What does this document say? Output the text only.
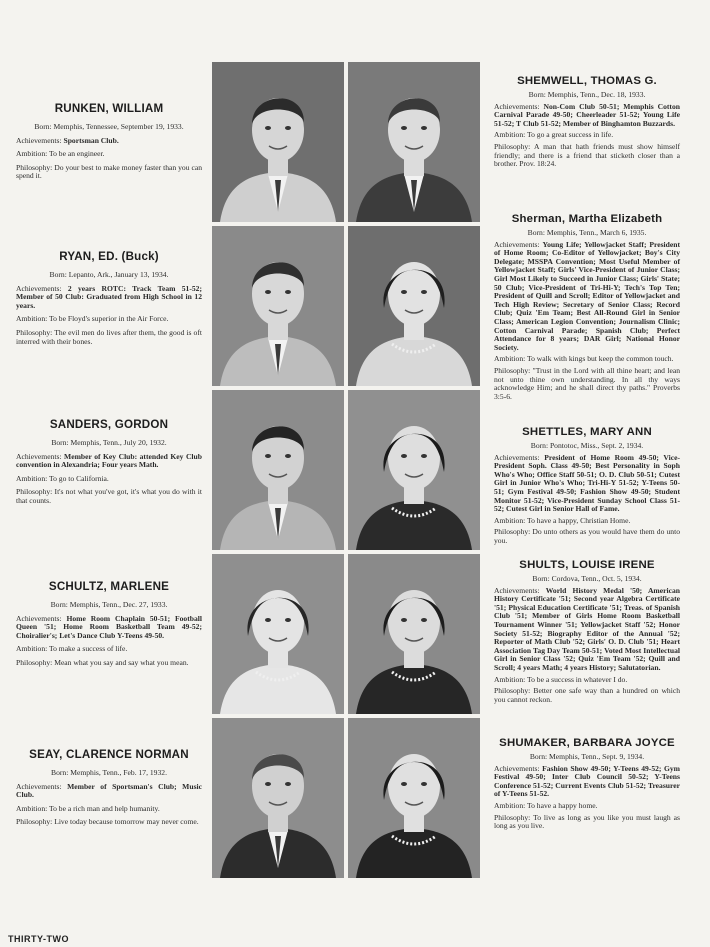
RUNKEN, WILLIAM

Born: Memphis, Tennessee, September 19, 1933.

Achievements: Sportsman Club.

Ambition: To be an engineer.

Philosophy: Do your best to make money faster than you can spend it.

RYAN, ED. (Buck)

Born: Lepanto, Ark., January 13, 1934.

Achievements: 2 years ROTC: Track Team 51-52; Member of 50 Club: Graduated from High School in 12 years.

Ambition: To be Floyd's superior in the Air Force.

Philosophy: The evil men do lives after them, the good is oft interred with their bones.

SANDERS, GORDON

Born: Memphis, Tenn., July 20, 1932.

Achievements: Member of Key Club: attended Key Club convention in Alexandria; Four years Math.

Ambition: To go to California.

Philosophy: It's not what you've got, it's what you do with it that counts.

SCHULTZ, MARLENE

Born: Memphis, Tenn., Dec. 27, 1933.

Achievements: Home Room Chaplain 50-51; Football Queen '51; Home Room Basketball Team 49-52; Choiralier's; Let's Dance Club Y-Teens 49-50.

Ambition: To make a success of life.

Philosophy: Mean what you say and say what you mean.

SEAY, CLARENCE NORMAN

Born: Memphis, Tenn., Feb. 17, 1932.

Achievements: Member of Sportsman's Club; Music Club.

Ambition: To be a rich man and help humanity.

Philosophy: Live today because tomorrow may never come.

SHEMWELL, THOMAS G.

Born: Memphis, Tenn., Dec. 18, 1933.

Achievements: Non-Com Club 50-51; Memphis Cotton Carnival Parade 49-50; Cheerleader 51-52; Young Life 51-52; T Club 51-52; Member of Binghamton Buzzards.

Ambition: To go a great success in life.

Philosophy: A man that hath friends must show himself friendly; and there is a friend that sticketh closer than a brother. Prov. 18:24.

Sherman, Martha Elizabeth

Born: Memphis, Tenn., March 6, 1935.

Achievements: Young Life; Yellowjacket Staff; President of Home Room; Co-Editor of Yellowjacket; Boy's City Delegate; MSSPA Convention; Most Useful Member of Yellowjacket Staff; Girls' Vice-President of Junior Class; Girl Most Likely to Succeed in Junior Class; Girls' State; 50 Club; Vice-President of Tri-Hi-Y; Tech's Top Ten; President of Quill and Scroll; Editor of Yellowjacket and Tech High Review; Secretary of Senior Class; Record Club; Quiz 'Em Team; Best All-Round Girl in Senior Class; American Legion Convention; Journalism Clinic; Cotton Carnival Parade; Spanish Club; Perfect Attendance for 8 years; DAR Girl; National Honor Society.

Ambition: To walk with kings but keep the common touch.

Philosophy: "Trust in the Lord with all thine heart; and lean not unto thine own understanding. In all thy ways acknowledge Him; and he shall direct thy paths." Proverbs 3:5-6.

SHETTLES, MARY ANN

Born: Pontotoc, Miss., Sept. 2, 1934.

Achievements: President of Home Room 49-50; Vice-President Soph. Class 49-50; Best Personality in Soph Who's Who; Office Staff 50-51; O. D. Club 50-51; Cutest Girl in Junior Who's Who; Tri-Hi-Y 51-52; Y-Teens 50-51; Gym Festival 49-50; Fashion Show 49-50; Student Monitor 51-52; Vice-President Sunday School Class 51-52; Cutest Girl in Senior Hall of Fame.

Ambition: To have a happy, Christian Home.

Philosophy: Do unto others as you would have them do unto you.

SHULTS, LOUISE IRENE

Born: Cordova, Tenn., Oct. 5, 1934.

Achievements: World History Medal '50; American History Certificate '51; Second year Algebra Certificate '51; Physical Education Certificate '51; Treas. of Spanish Club '51; Member of Girls Home Room Basketball Tournament Winner '51; Yellowjacket Staff '52; Honor Society 51-52; Biography Editor of the Annual '52; Reporter of Math Club '52; Girls' O. D. Club '51; Heart Association Tag Day Team 50-51; Voted Most Intellectual Girl in Senior Class '52; Quiz 'Em Team '52; Quill and Scroll; 4 years Math; 4 years History; Salutatorian.

Ambition: To be a success in whatever I do.

Philosophy: Better one safe way than a hundred on which you cannot reckon.

SHUMAKER, BARBARA JOYCE

Born: Memphis, Tenn., Sept. 9, 1934.

Achievements: Fashion Show 49-50; Y-Teens 49-52; Gym Festival 49-50; Inter Club Council 50-52; Y-Teens Conference 51-52; Current Events Club 51-52; Treasurer of Y-Teens 51-52.

Ambition: To have a happy home.

Philosophy: To live as long as you like you must laugh as long as you live.

THIRTY-TWO
